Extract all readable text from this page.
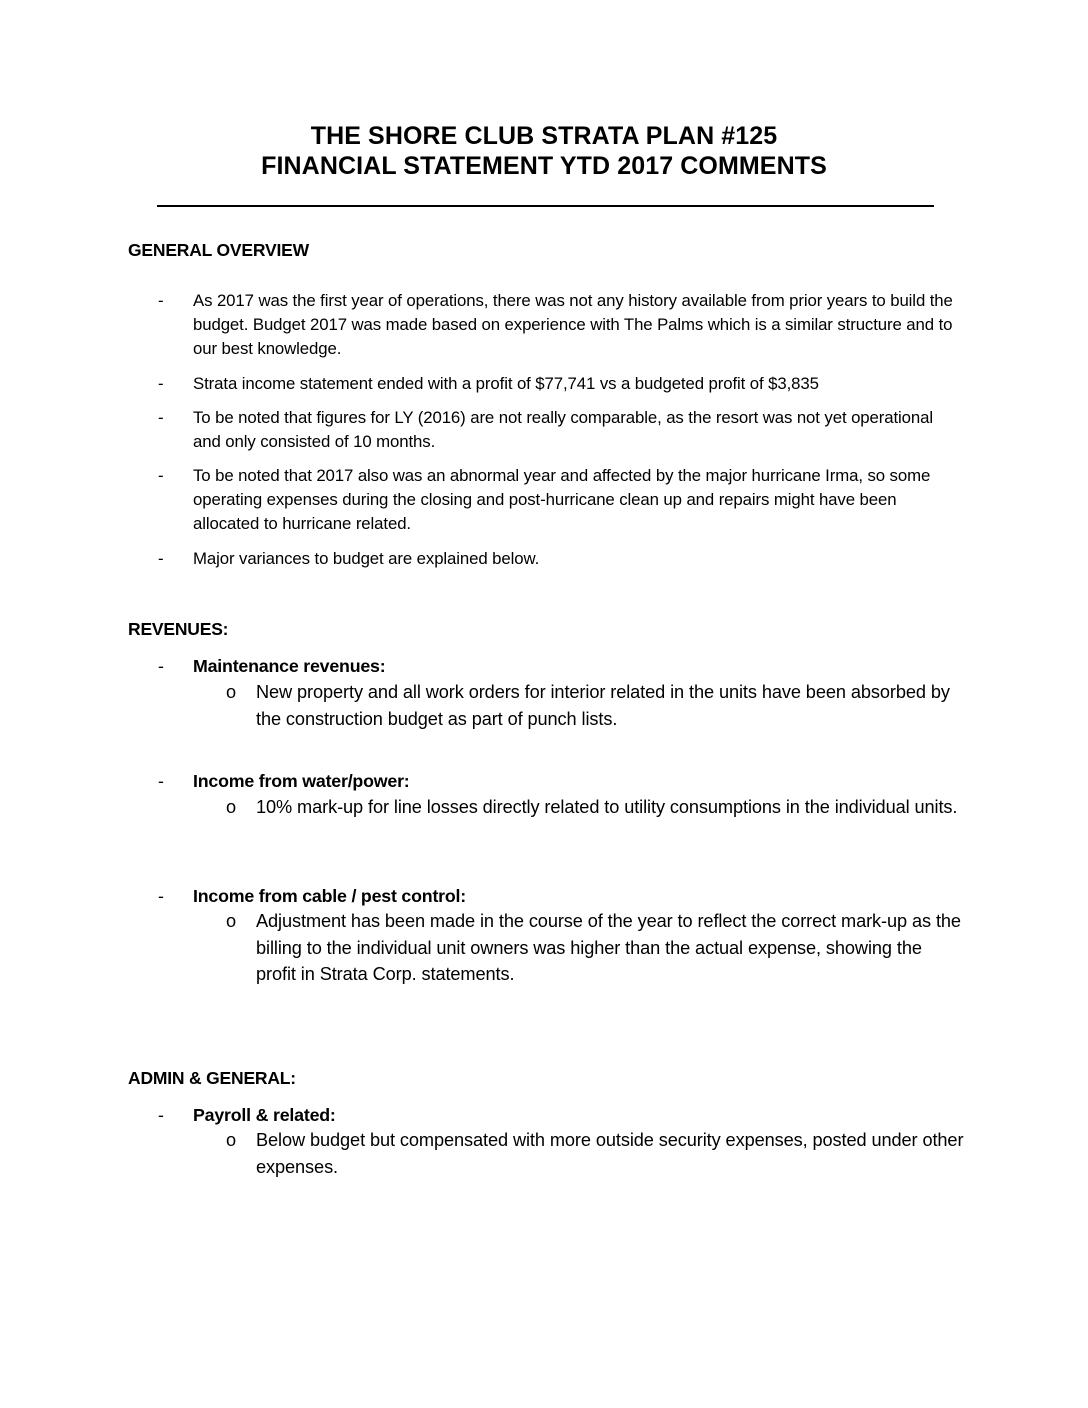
THE SHORE CLUB STRATA PLAN #125
FINANCIAL STATEMENT YTD 2017 COMMENTS
GENERAL OVERVIEW
- As 2017 was the first year of operations, there was not any history available from prior years to build the budget. Budget 2017 was made based on experience with The Palms which is a similar structure and to our best knowledge.
- Strata income statement ended with a profit of $77,741 vs a budgeted profit of $3,835
- To be noted that figures for LY (2016) are not really comparable, as the resort was not yet operational and only consisted of 10 months.
- To be noted that 2017 also was an abnormal year and affected by the major hurricane Irma, so some operating expenses during the closing and post-hurricane clean up and repairs might have been allocated to hurricane related.
- Major variances to budget are explained below.
REVENUES:
- Maintenance revenues:
o New property and all work orders for interior related in the units have been absorbed by the construction budget as part of punch lists.
- Income from water/power:
o 10% mark-up for line losses directly related to utility consumptions in the individual units.
- Income from cable / pest control:
o Adjustment has been made in the course of the year to reflect the correct mark-up as the billing to the individual unit owners was higher than the actual expense, showing the profit in Strata Corp. statements.
ADMIN & GENERAL:
- Payroll & related:
o Below budget but compensated with more outside security expenses, posted under other expenses.
